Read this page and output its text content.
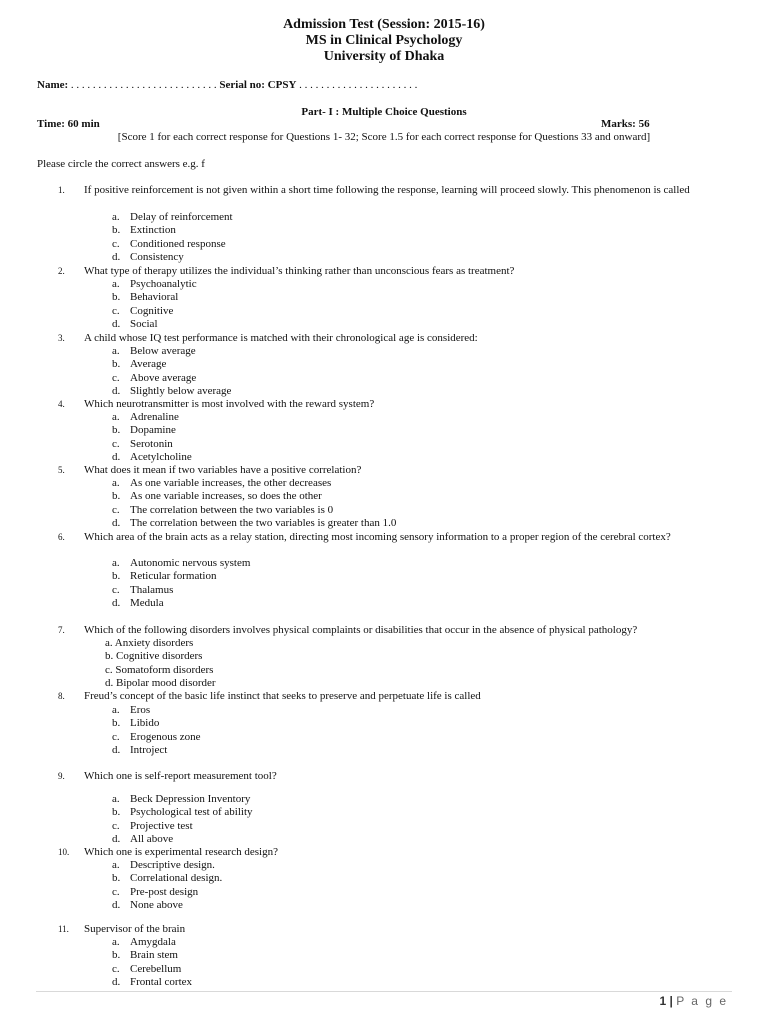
Admission Test (Session: 2015-16)
MS in Clinical Psychology
University of Dhaka
Name: . . . . . . . . . . . . . . . . . . . . . . . . . . . Serial no: CPSY . . . . . . . . . . . . . . . . . . . . . .
Part- I : Multiple Choice Questions
Time: 60 min	Marks: 56
[Score 1 for each correct response for Questions 1- 32; Score 1.5 for each correct response for Questions 33 and onward]
Please circle the correct answers e.g. f
1. If positive reinforcement is not given within a short time following the response, learning will proceed slowly. This phenomenon is called
a. Delay of reinforcement
b. Extinction
c. Conditioned response
d. Consistency
2. What type of therapy utilizes the individual’s thinking rather than unconscious fears as treatment?
a. Psychoanalytic
b. Behavioral
c. Cognitive
d. Social
3. A child whose IQ test performance is matched with their chronological age is considered:
a. Below average
b. Average
c. Above average
d. Slightly below average
4. Which neurotransmitter is most involved with the reward system?
a. Adrenaline
b. Dopamine
c. Serotonin
d. Acetylcholine
5. What does it mean if two variables have a positive correlation?
a. As one variable increases, the other decreases
b. As one variable increases, so does the other
c. The correlation between the two variables is 0
d. The correlation between the two variables is greater than 1.0
6. Which area of the brain acts as a relay station, directing most incoming sensory information to a proper region of the cerebral cortex?
a. Autonomic nervous system
b. Reticular formation
c. Thalamus
d. Medula
7. Which of the following disorders involves physical complaints or disabilities that occur in the absence of physical pathology?
a. Anxiety disorders
b. Cognitive disorders
c. Somatoform disorders
d. Bipolar mood disorder
8. Freud’s concept of the basic life instinct that seeks to preserve and perpetuate life is called
a. Eros
b. Libido
c. Erogenous zone
d. Introject
9. Which one is self-report measurement tool?
a. Beck Depression Inventory
b. Psychological test of ability
c. Projective test
d. All above
10. Which one is experimental research design?
a. Descriptive design.
b. Correlational design.
c. Pre-post design
d. None above
11. Supervisor of the brain
a. Amygdala
b. Brain stem
c. Cerebellum
d. Frontal cortex
1 | P a g e
